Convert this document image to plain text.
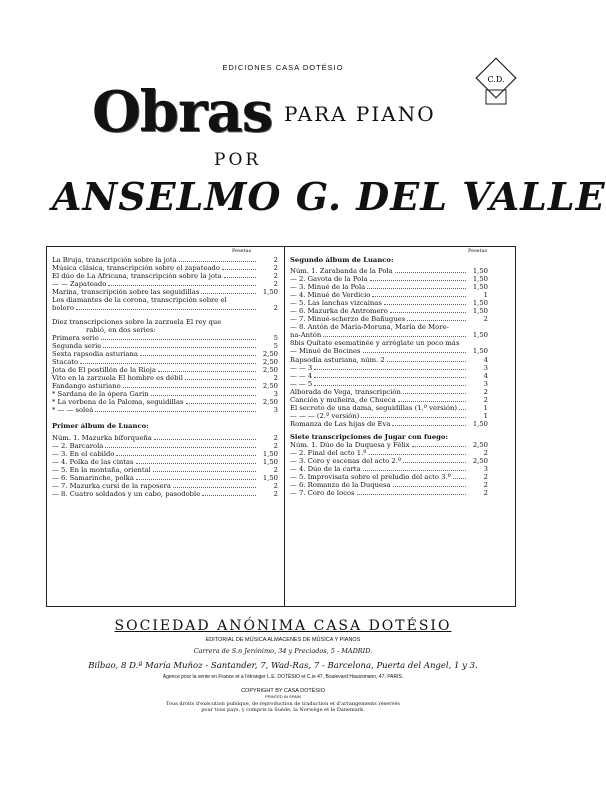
EDICIONES CASA DOTÉSIO
C.D.
Obras PARA PIANO
POR
ANSELMO G. DEL VALLE
Pesetas	Pesetas
La Bruja, transcripción sobre la jota	2
Música clásica, transcripción sobre el zapateado	2
El dúo de La Africana, transcripción sobre la jota	2
— — Zapateado	2
Marina, transcripción sobre las seguidillas	1,50
Los diamantes de la corona, transcripción sobre el
bolero	2
Diez transcripciones sobre la zarzuela El rey que
rabió, en dos series:
Primera serie	5
Segunda serie	5
Sexta rapsodia asturiana	2,50
Stacato	2,50
Jota de El postillón de la Rioja	2,50
Vito en la zarzuela El hombre es débil	2
Fandango asturiano	2,50
* Sardana de la ópera Garin	3
* La verbena de la Paloma, seguidillas	2,50
* — — soleá	3
Primer álbum de Luanco:
Núm. 1. Mazurka bíforqueña	2
— 2. Barcarola	2
— 3. En el cabildo	1,50
— 4. Polka de las cintas	1,50
— 5. En la montaña, oriental	2
— 6. Samarinche, polka	1,50
— 7. Mazurka cursi de la raposera	2
— 8. Cuatro soldados y un cabo, pasodoble	2
Segundo álbum de Luanco:
Núm. 1. Zarabanda de la Pola	1,50
— 2. Gavota de la Pola	1,50
— 3. Minué de la Pola	1,50
— 4. Minué de Verdicio	1
— 5. Las lanchas vizcaínas	1,50
— 6. Mazurka de Antromero	1,50
— 7. Minué-scherzo de Bañugues	2
— 8. Antón de María-Moruna, María de More-
na-Antón	1,50
8bis Quítate esematinée y arréglate un poco más
— Minué de Bocines	1,50
Rapsodia asturiana, núm. 2	4
— — 3	3
— — 4	4
— — 5	3
Alborada de Vega, transcripción	2
Canción y muñeira, de Chueca	2
El secreto de una dama, seguidillas (1.ª versión)	1
— — — (2.ª versión)	1
Romanza de Las hijas de Eva	1,50
Siete transcripciones de Jugar con fuego:
Núm. 1. Dúo de la Duquesa y Félix	2,50
— 2. Final del acto 1.º	2
— 3. Coro y escenas del acto 2.º	2,50
— 4. Dúo de la carta	3
— 5. Improvisata sobre el preludio del acto 3.º	2
— 6. Romanza de la Duquesa	2
— 7. Coro de locos	2
SOCIEDAD ANÓNIMA CASA DOTÉSIO
EDITORIAL DE MÚSICA ALMACENES DE MÚSICA Y PIANOS
Carrera de S.n Jerónimo, 34 y Preciados, 5 - MADRID.
Bilbao, 8 D.ª María Muñoz - Santander, 7, Wad-Ras, 7 - Barcelona, Puerta del Angel, 1 y 3.
Agence pour la vente en France et a l'étranger L.E. DOTÉSIO et C.ie 47, Boulevard Haussmann, 47. PARIS.
COPYRIGHT BY CASA DOTÉSIO
PRINTED IN SPAIN
Tous droits d'exécution publique, de reproduction de traduction et d'arrangements réservés
pour tous pays, y compris la Suède, la Norwège et le Danemark.
